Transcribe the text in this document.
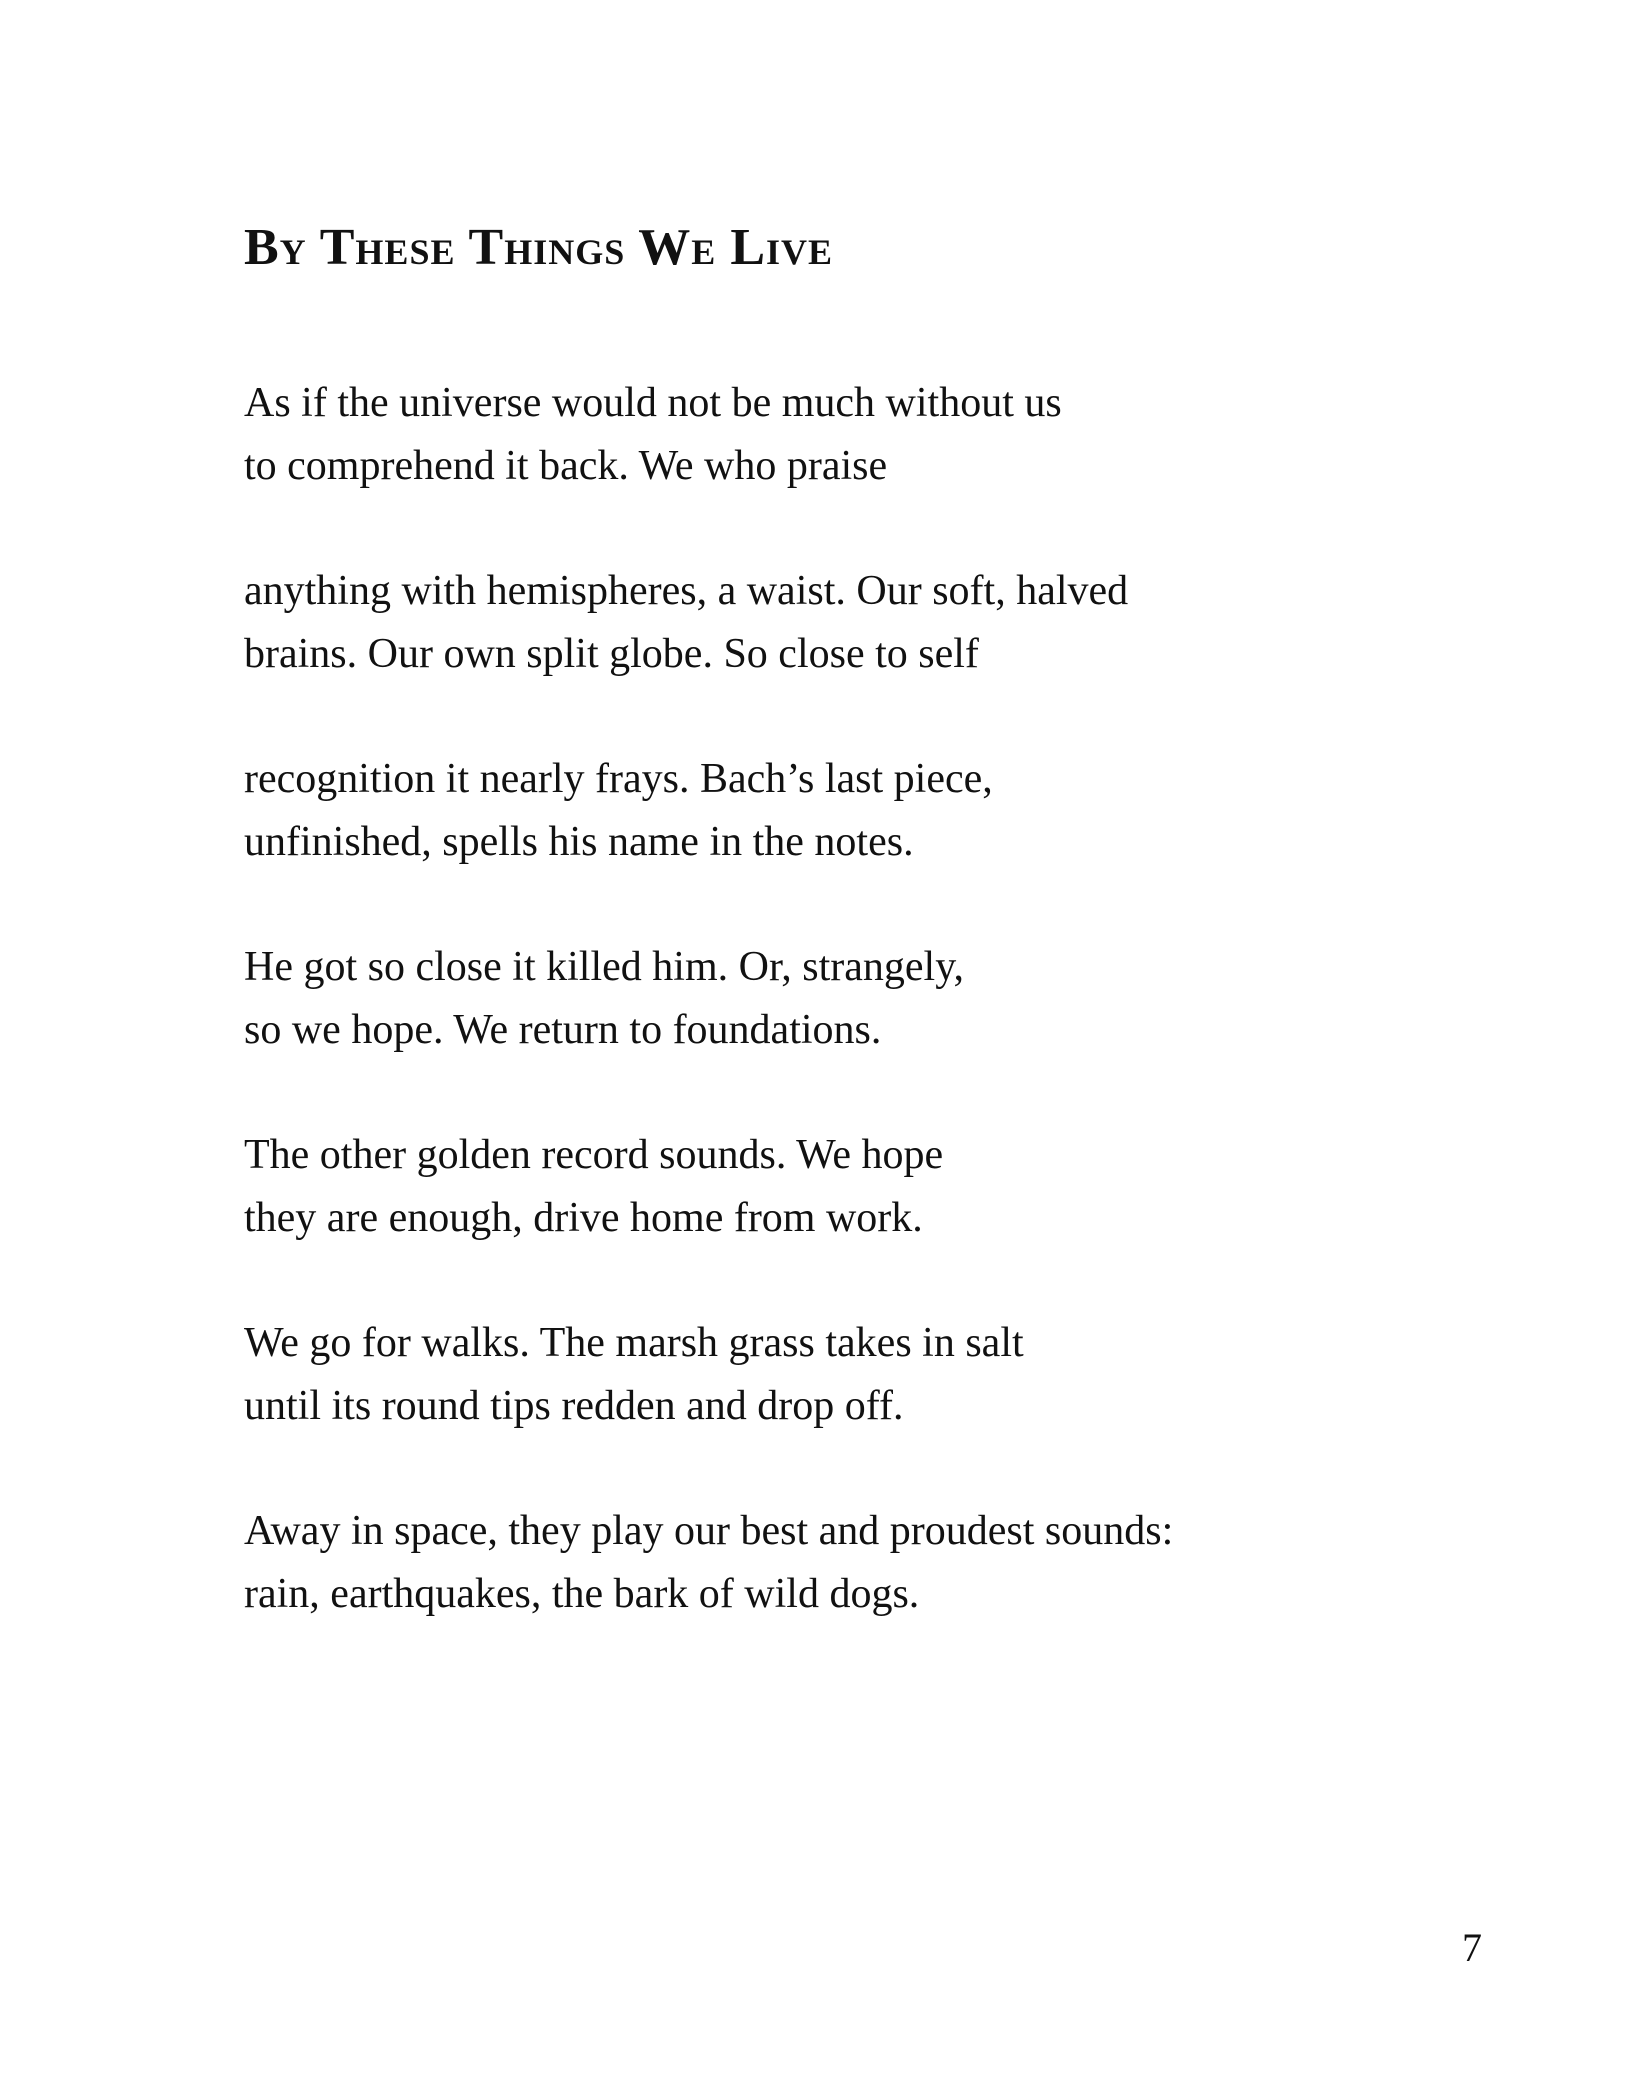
By These Things We Live
As if the universe would not be much without us
to comprehend it back. We who praise
anything with hemispheres, a waist. Our soft, halved
brains. Our own split globe. So close to self
recognition it nearly frays. Bach’s last piece,
unfinished, spells his name in the notes.
He got so close it killed him. Or, strangely,
so we hope. We return to foundations.
The other golden record sounds. We hope
they are enough, drive home from work.
We go for walks. The marsh grass takes in salt
until its round tips redden and drop off.
Away in space, they play our best and proudest sounds:
rain, earthquakes, the bark of wild dogs.
7
